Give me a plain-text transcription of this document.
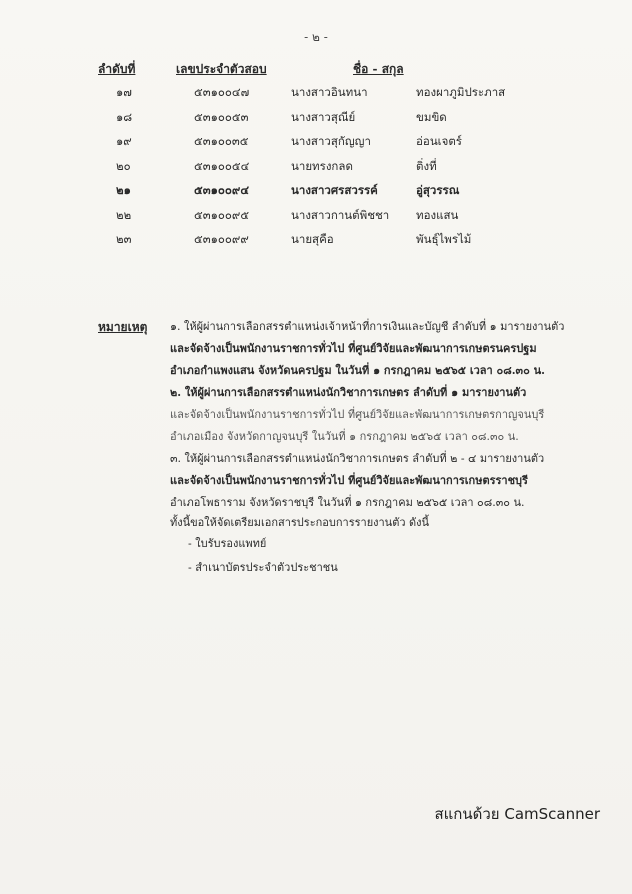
- ๒ -
ลำดับที่	เลขประจำตัวสอบ	ชื่อ - สกุล
๑๗	๕๓๑๐๐๔๗	นางสาวอินทนา	ทองผาภูมิประภาส
๑๘	๕๓๑๐๐๕๓	นางสาวสุณีย์	ขมขิด
๑๙	๕๓๑๐๐๓๕	นางสาวสุกัญญา	อ่อนเจตร์
๒๐	๕๓๑๐๐๕๔	นายทรงกลด	ติ่งที่
๒๑	๕๓๑๐๐๙๔	นางสาวศรสวรรค์	อู่สุวรรณ
๒๒	๕๓๑๐๐๙๕	นางสาวกานต์พิชชา ทองแสน
๒๓	๕๓๑๐๐๙๙	นายสุคือ	พันธุ์ไพรไม้
หมายเหตุ ๑. ให้ผู้ผ่านการเลือกสรรตำแหน่งเจ้าหน้าที่การเงินและบัญชี ลำดับที่ ๑ มารายงานตัว
และจัดจ้างเป็นพนักงานราชการทั่วไป ที่ศูนย์วิจัยและพัฒนาการเกษตรนครปฐม
อำเภอกำแพงแสน จังหวัดนครปฐม ในวันที่ ๑ กรกฎาคม ๒๕๖๕ เวลา ๐๘.๓๐ น.
๒. ให้ผู้ผ่านการเลือกสรรตำแหน่งนักวิชาการเกษตร ลำดับที่ ๑ มารายงานตัว
และจัดจ้างเป็นพนักงานราชการทั่วไป ที่ศูนย์วิจัยและพัฒนาการเกษตรกาญจนบุรี
อำเภอเมือง จังหวัดกาญจนบุรี ในวันที่ ๑ กรกฎาคม ๒๕๖๕ เวลา ๐๘.๓๐ น.
๓. ให้ผู้ผ่านการเลือกสรรตำแหน่งนักวิชาการเกษตร ลำดับที่ ๒ - ๔ มารายงานตัว
และจัดจ้างเป็นพนักงานราชการทั่วไป ที่ศูนย์วิจัยและพัฒนาการเกษตรราชบุรี
อำเภอโพธาราม จังหวัดราชบุรี ในวันที่ ๑ กรกฎาคม ๒๕๖๕ เวลา ๐๘.๓๐ น.
ทั้งนี้ขอให้จัดเตรียมเอกสารประกอบการรายงานตัว ดังนี้
- ใบรับรองแพทย์
- สำเนาบัตรประจำตัวประชาชน
สแกนด้วย CamScanner
